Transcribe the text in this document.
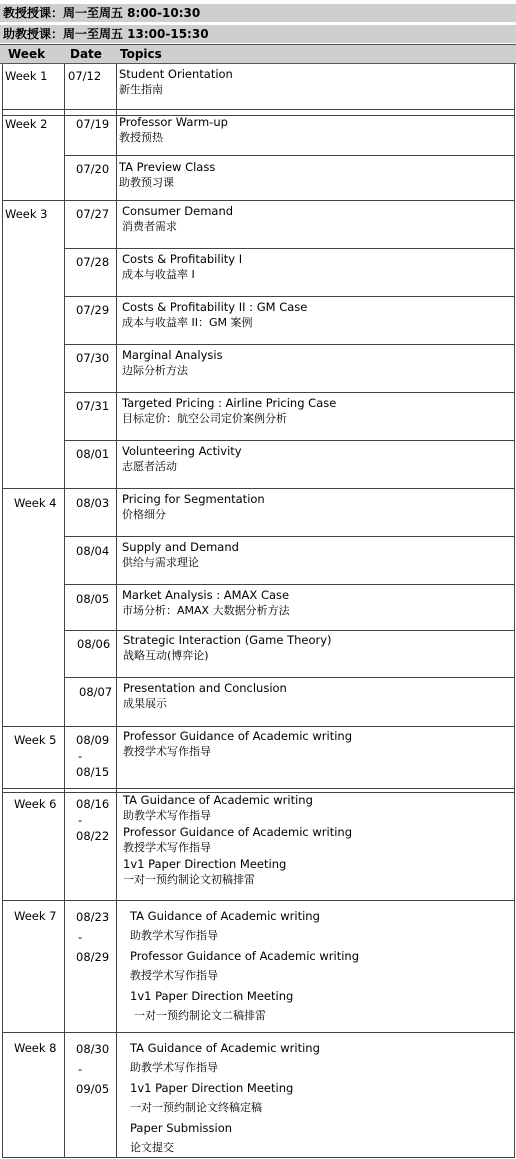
教授授课：周一至周五 8:00-10:30
助教授课：周一至周五 13:00-15:30
Week Date Topics
Week 1
Week 2
Week 3
Week 4
Week 5
Week 6
Week 7
Week 8
07/12 Student Orientation
新生指南
07/19 Professor Warm-up
教授预热
07/20 TA Preview Class
助教预习课
07/27 Consumer Demand
消费者需求
07/28 Costs & Profitability I
成本与收益率 I
07/29 Costs & Profitability II : GM Case
成本与收益率 II：GM 案例
07/30 Marginal Analysis
边际分析方法
07/31 Targeted Pricing : Airline Pricing Case
目标定价：航空公司定价案例分析
08/01 Volunteering Activity
志愿者活动
08/03 Pricing for Segmentation
价格细分
08/04 Supply and Demand
供给与需求理论
08/05 Market Analysis : AMAX Case
市场分析：AMAX 大数据分析方法
08/06 Strategic Interaction (Game Theory)
战略互动(博弈论)
08/07 Presentation and Conclusion
成果展示
08/09
-
08/15
Professor Guidance of Academic writing
教授学术写作指导
08/16
-
08/22
TA Guidance of Academic writing
助教学术写作指导
Professor Guidance of Academic writing
教授学术写作指导
1v1 Paper Direction Meeting
一对一预约制论文初稿排雷
08/23
-
08/29
TA Guidance of Academic writing
助教学术写作指导
Professor Guidance of Academic writing
教授学术写作指导
1v1 Paper Direction Meeting
一对一预约制论文二稿排雷
08/30
-
09/05
TA Guidance of Academic writing
助教学术写作指导
1v1 Paper Direction Meeting
一对一预约制论文终稿定稿
Paper Submission
论文提交
